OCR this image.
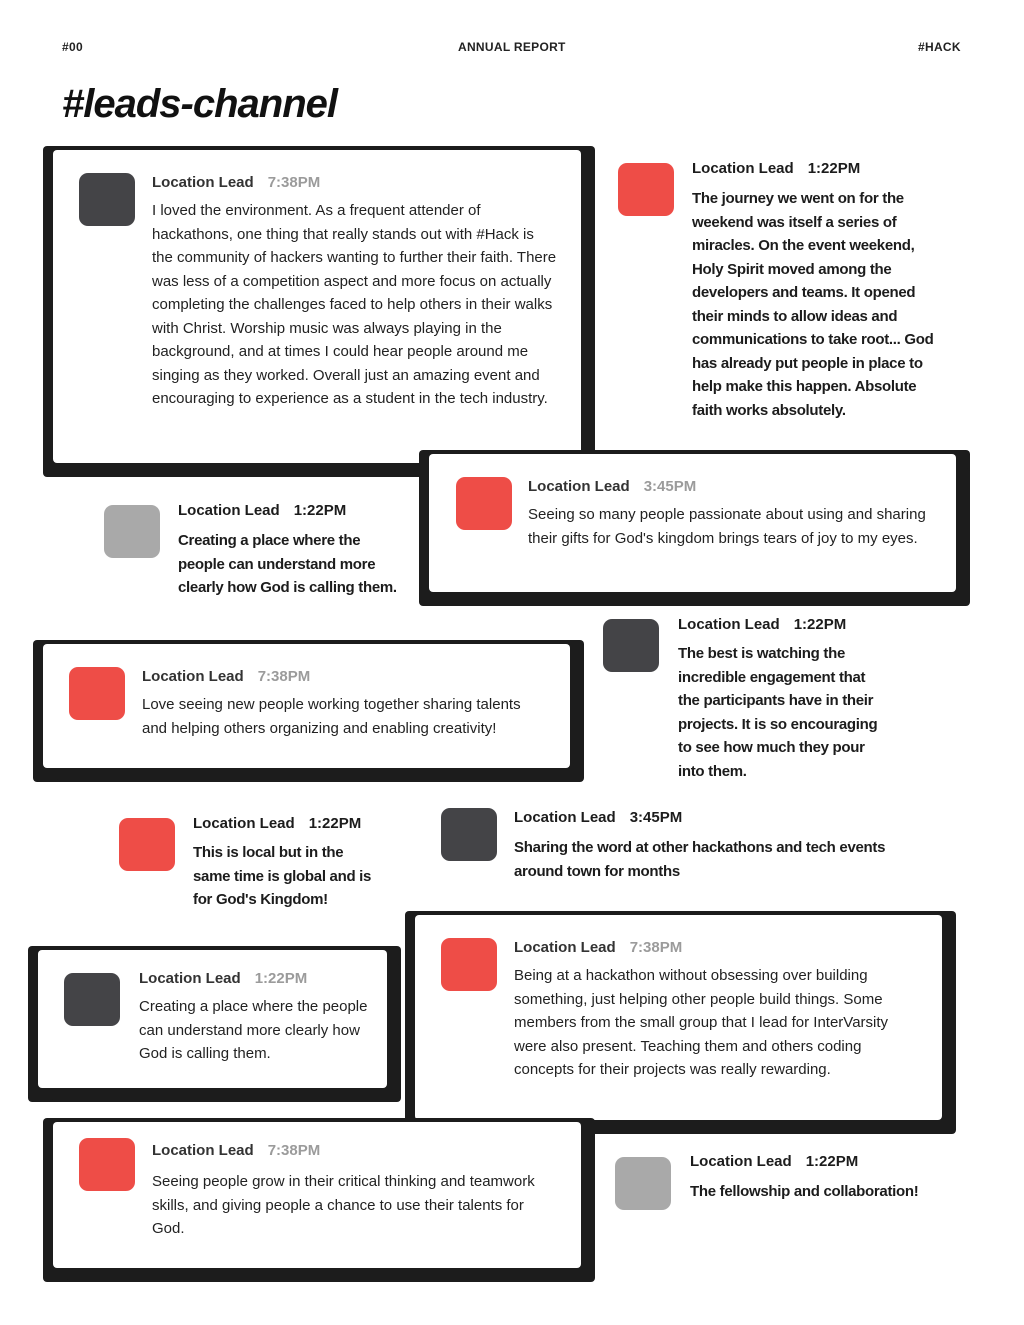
#00	ANNUAL REPORT	#HACK
#leads-channel
Location Lead 7:38PM

I loved the environment. As a frequent attender of hackathons, one thing that really stands out with #Hack is the community of hackers wanting to further their faith. There was less of a competition aspect and more focus on actually completing the challenges faced to help others in their walks with Christ. Worship music was always playing in the background, and at times I could hear people around me singing as they worked. Overall just an amazing event and encouraging to experience as a student in the tech industry.

Location Lead 1:22PM

The journey we went on for the weekend was itself a series of miracles. On the event weekend, Holy Spirit moved among the developers and teams. It opened their minds to allow ideas and communications to take root... God has already put people in place to help make this happen. Absolute faith works absolutely.

Location Lead 3:45PM

Seeing so many people passionate about using and sharing their gifts for God's kingdom brings tears of joy to my eyes.

Location Lead 1:22PM

Creating a place where the people can understand more clearly how God is calling them.

Location Lead 1:22PM

The best is watching the incredible engagement that the participants have in their projects. It is so encouraging to see how much they pour into them.

Location Lead 7:38PM

Love seeing new people working together sharing talents and helping others organizing and enabling creativity!

Location Lead 1:22PM

This is local but in the same time is global and is for God's Kingdom!

Location Lead 3:45PM

Sharing the word at other hackathons and tech events around town for months

Location Lead 7:38PM

Being at a hackathon without obsessing over building something, just helping other people build things. Some members from the small group that I lead for InterVarsity were also present. Teaching them and others coding concepts for their projects was really rewarding.

Location Lead 1:22PM

Creating a place where the people can understand more clearly how God is calling them.

Location Lead 7:38PM

Seeing people grow in their critical thinking and teamwork skills, and giving people a chance to use their talents for God.

Location Lead 1:22PM

The fellowship and collaboration!
